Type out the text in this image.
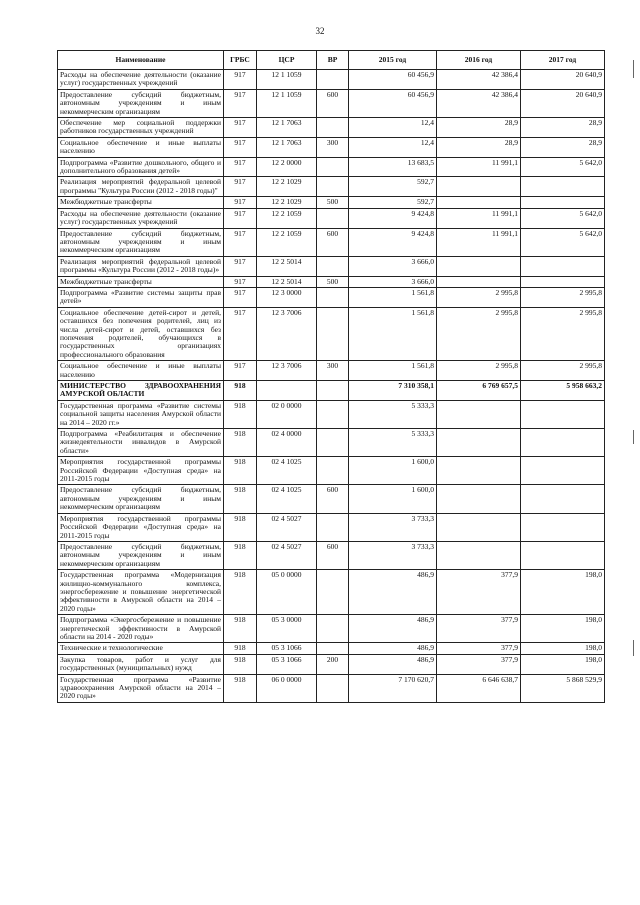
32
Наименование	ГРБС	ЦСР	ВР	2015 год	2016 год	2017 год
Расходы на обеспечение деятельности (оказание услуг) государственных учреждений	917	12 1 1059		60 456,9	42 386,4	20 640,9
Предоставление субсидий бюджетным, автономным учреждениям и иным некоммерческим организациям	917	12 1 1059	600	60 456,9	42 386,4	20 640,9
Обеспечение мер социальной поддержки работников государственных учреждений	917	12 1 7063		12,4	28,9	28,9
Социальное обеспечение и иные выплаты населению	917	12 1 7063	300	12,4	28,9	28,9
Подпрограмма «Развитие дошкольного, общего и дополнительного образования детей»	917	12 2 0000		13 683,5	11 991,1	5 642,0
Реализация мероприятий федеральной целевой программы "Культура России (2012 - 2018 годы)"	917	12 2 1029		592,7		
Межбюджетные трансферты	917	12 2 1029	500	592,7		
Расходы на обеспечение деятельности (оказание услуг) государственных учреждений	917	12 2 1059		9 424,8	11 991,1	5 642,0
Предоставление субсидий бюджетным, автономным учреждениям и иным некоммерческим организациям	917	12 2 1059	600	9 424,8	11 991,1	5 642,0
Реализация мероприятий федеральной целевой программы «Культура России (2012 - 2018 годы)»	917	12 2 5014		3 666,0		
Межбюджетные трансферты	917	12 2 5014	500	3 666,0		
Подпрограмма «Развитие системы защиты прав детей»	917	12 3 0000		1 561,8	2 995,8	2 995,8
Социальное обеспечение детей-сирот и детей, оставшихся без попечения родителей, лиц из числа детей-сирот и детей, оставшихся без попечения родителей, обучающихся в государственных организациях профессионального образования	917	12 3 7006		1 561,8	2 995,8	2 995,8
Социальное обеспечение и иные выплаты населению	917	12 3 7006	300	1 561,8	2 995,8	2 995,8
МИНИСТЕРСТВО ЗДРАВООХРАНЕНИЯ АМУРСКОЙ ОБЛАСТИ	918			7 310 358,1	6 769 657,5	5 958 663,2
Государственная программа «Развитие системы социальной защиты населения Амурской области на 2014 – 2020 гг.»	918	02 0 0000		5 333,3		
Подпрограмма «Реабилитация и обеспечение жизнедеятельности инвалидов в Амурской области»	918	02 4 0000		5 333,3		
Мероприятия государственной программы Российской Федерации «Доступная среда» на 2011-2015 годы	918	02 4 1025		1 600,0		
Предоставление субсидий бюджетным, автономным учреждениям и иным некоммерческим организациям	918	02 4 1025	600	1 600,0		
Мероприятия государственной программы Российской Федерации «Доступная среда» на 2011-2015 годы	918	02 4 5027		3 733,3		
Предоставление субсидий бюджетным, автономным учреждениям и иным некоммерческим организациям	918	02 4 5027	600	3 733,3		
Государственная программа «Модернизация жилищно-коммунального комплекса, энергосбережение и повышение энергетической эффективности в Амурской области на 2014 – 2020 годы»	918	05 0 0000		486,9	377,9	198,0
Подпрограмма «Энергосбережение и повышение энергетической эффективности в Амурской области на 2014 - 2020 годы»	918	05 3 0000		486,9	377,9	198,0
Технические и технологические	918	05 3 1066		486,9	377,9	198,0
Закупка товаров, работ и услуг для государственных (муниципальных) нужд	918	05 3 1066	200	486,9	377,9	198,0
Государственная программа «Развитие здравоохранения Амурской области на 2014 – 2020 годы»	918	06 0 0000		7 170 620,7	6 646 638,7	5 868 529,9
